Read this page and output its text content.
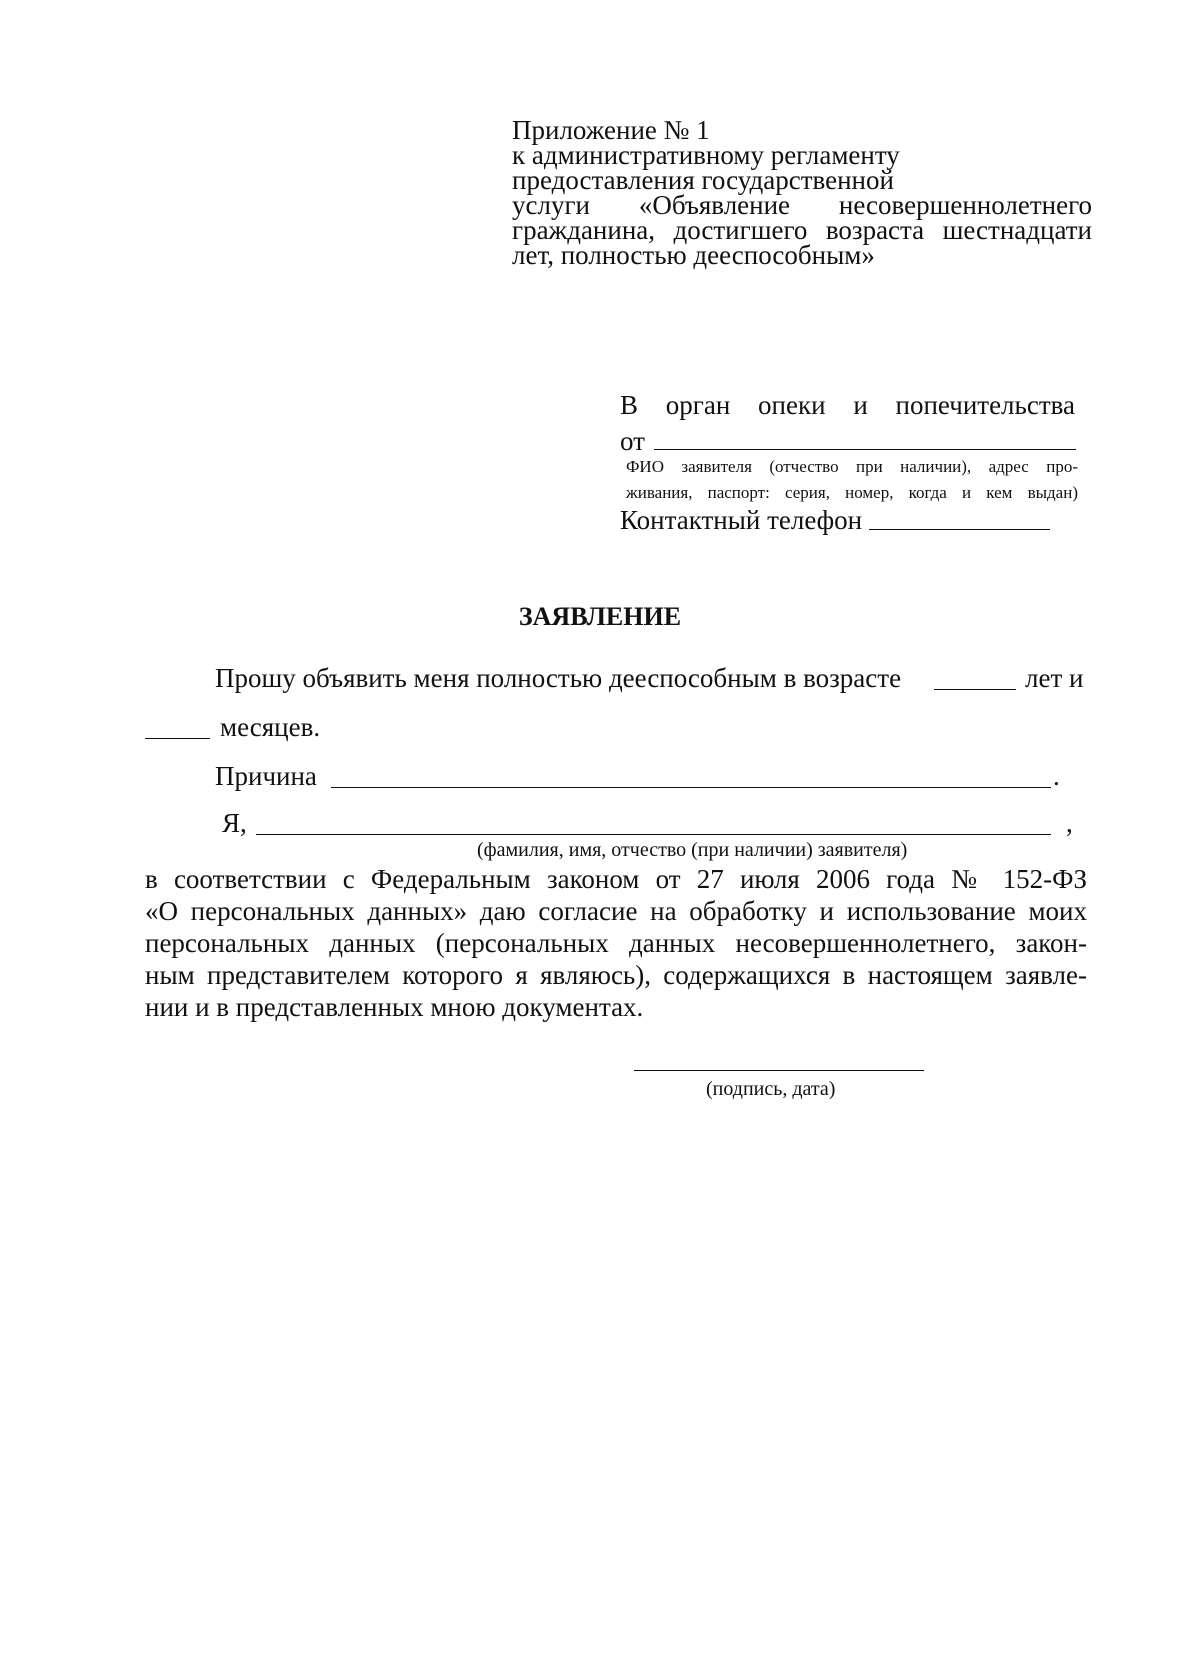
Приложение № 1
к административному регламенту
предоставления государственной
услуги «Объявление несовершеннолетнего
гражданина, достигшего возраста шестнадцати
лет, полностью дееспособным»
В орган опеки и попечительства
от
ФИО заявителя (отчество при наличии), адрес про-
живания, паспорт: серия, номер, когда и кем выдан)
Контактный телефон
ЗАЯВЛЕНИЕ
Прошу объявить меня полностью дееспособным в возрасте	лет и
месяцев.
Причина	.
Я,	,
(фамилия, имя, отчество (при наличии) заявителя)
в соответствии с Федеральным законом от 27 июля 2006 года № 152-ФЗ
«О персональных данных» даю согласие на обработку и использование моих
персональных данных (персональных данных несовершеннолетнего, закон-
ным представителем которого я являюсь), содержащихся в настоящем заявле-
нии и в представленных мною документах.
(подпись, дата)
